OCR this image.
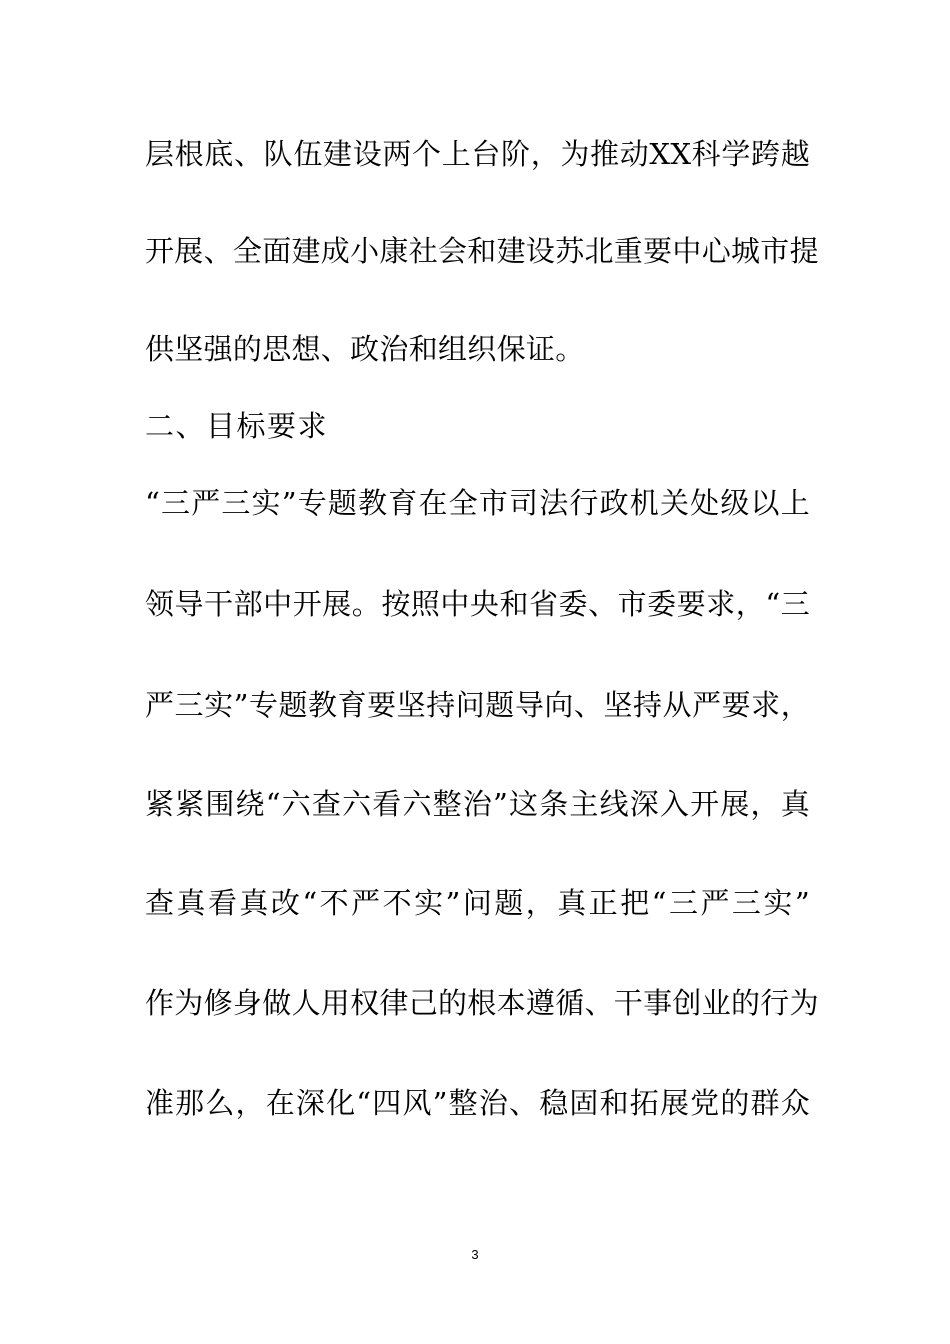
层根底、队伍建设两个上台阶，为推动XX科学跨越
开展、全面建成小康社会和建设苏北重要中心城市提
供坚强的思想、政治和组织保证。
二、目标要求
“三严三实”专题教育在全市司法行政机关处级以上
领导干部中开展。按照中央和省委、市委要求，“三
严三实”专题教育要坚持问题导向、坚持从严要求，
紧紧围绕“六查六看六整治”这条主线深入开展，真
查真看真改“不严不实”问题，真正把“三严三实”
作为修身做人用权律己的根本遵循、干事创业的行为
准那么，在深化“四风”整治、稳固和拓展党的群众
3
